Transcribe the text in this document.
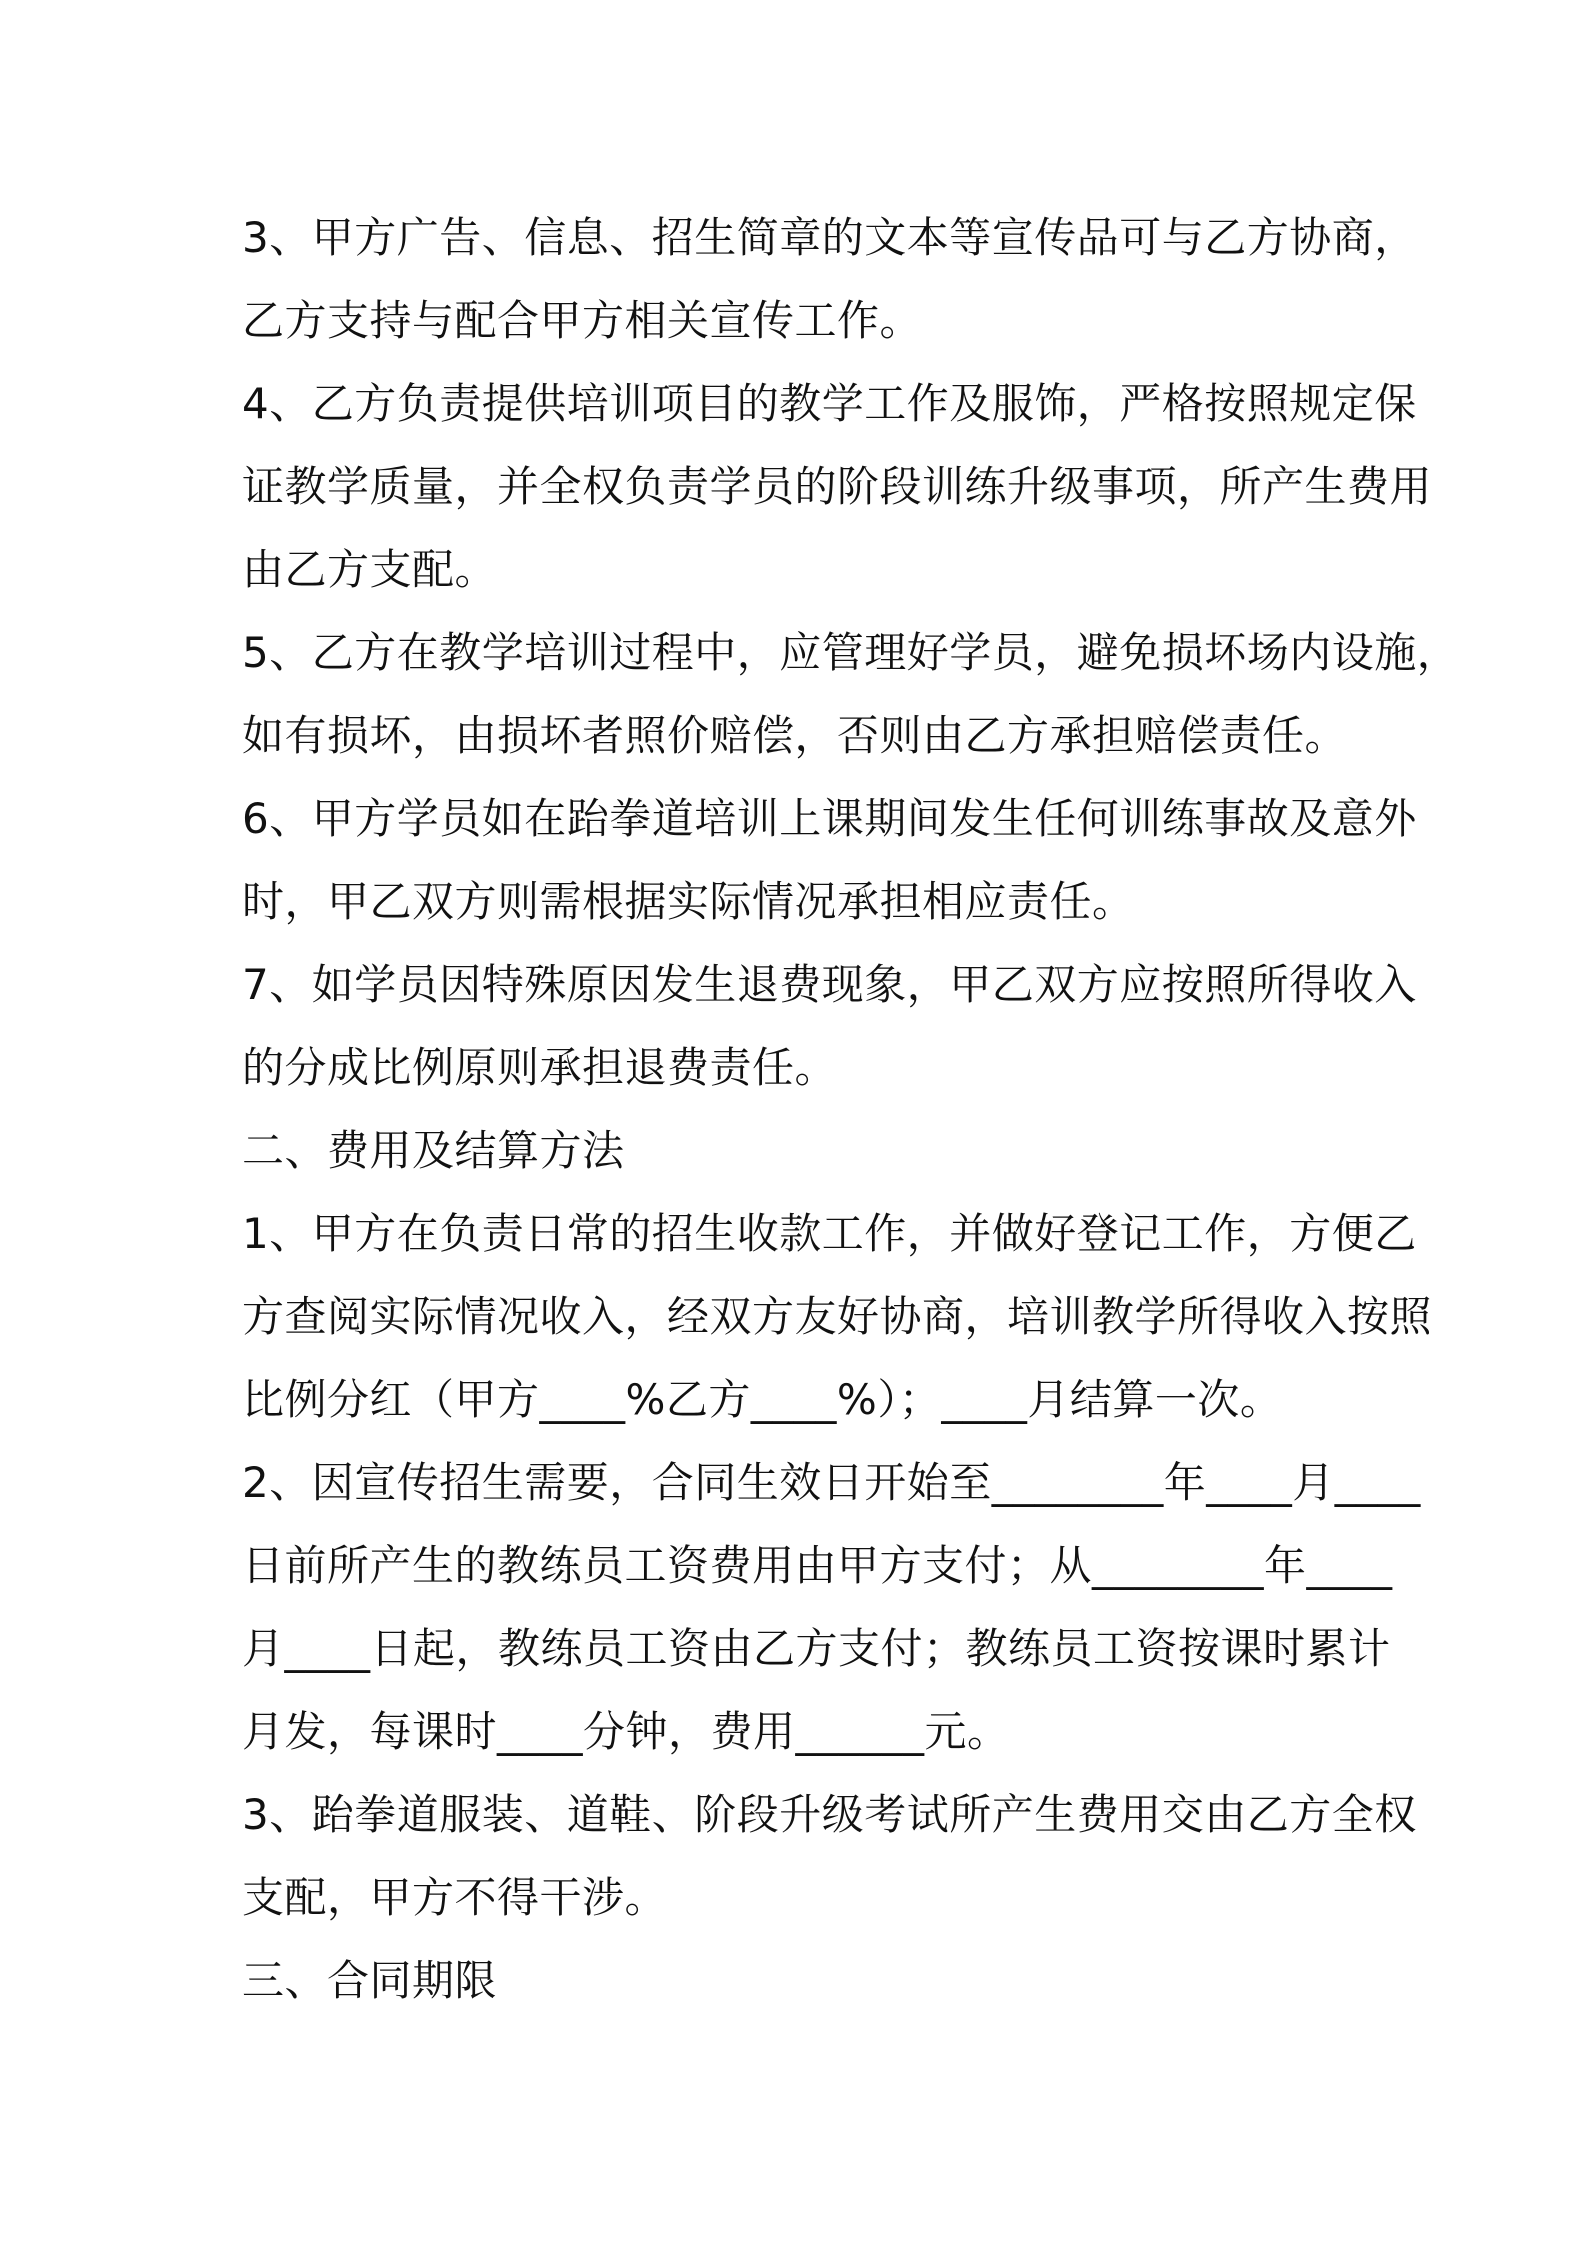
3、甲方广告、信息、招生简章的文本等宣传品可与乙方协商，
乙方支持与配合甲方相关宣传工作。
4、乙方负责提供培训项目的教学工作及服饰，严格按照规定保
证教学质量，并全权负责学员的阶段训练升级事项，所产生费用
由乙方支配。
5、乙方在教学培训过程中，应管理好学员，避免损坏场内设施，
如有损坏，由损坏者照价赔偿，否则由乙方承担赔偿责任。
6、甲方学员如在跆拳道培训上课期间发生任何训练事故及意外
时，甲乙双方则需根据实际情况承担相应责任。
7、如学员因特殊原因发生退费现象，甲乙双方应按照所得收入
的分成比例原则承担退费责任。
二、费用及结算方法
1、甲方在负责日常的招生收款工作，并做好登记工作，方便乙
方查阅实际情况收入，经双方友好协商，培训教学所得收入按照
比例分红（甲方____%乙方____%）；____月结算一次。
2、因宣传招生需要，合同生效日开始至________年____月____
日前所产生的教练员工资费用由甲方支付；从________年____
月____日起，教练员工资由乙方支付；教练员工资按课时累计
月发，每课时____分钟，费用______元。
3、跆拳道服装、道鞋、阶段升级考试所产生费用交由乙方全权
支配，甲方不得干涉。
三、合同期限
